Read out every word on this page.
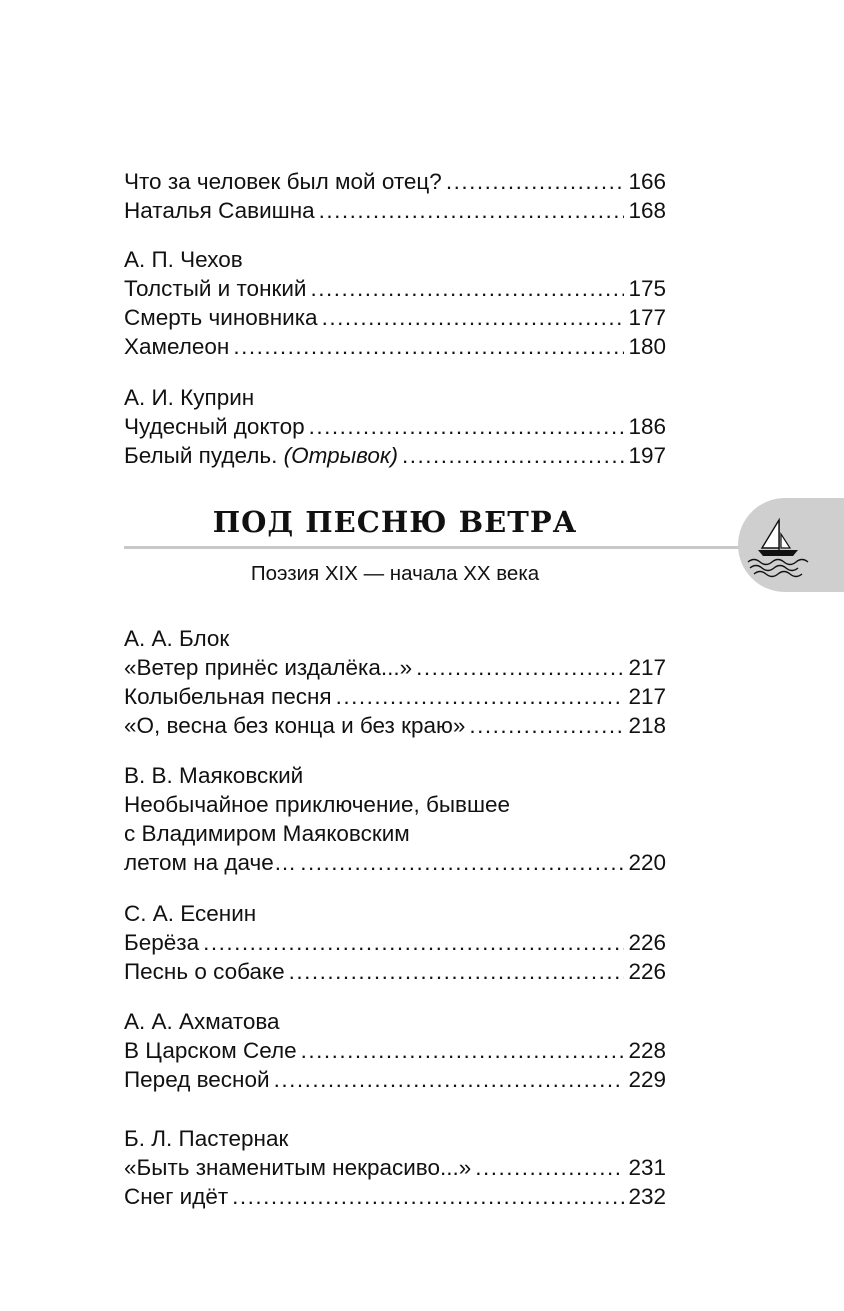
Что за человек был мой отец? .....	166
Наталья Савишна .....	168
А. П. Чехов
Толстый и тонкий .....	175
Смерть чиновника .....	177
Хамелеон .....	180
А. И. Куприн
Чудесный доктор .....	186
Белый пудель. (Отрывок) .....	197
ПОД ПЕСНЮ ВЕТРА
Поэзия XIX — начала XX века
А. А. Блок
«Ветер принёс издалёка...» .....	217
Колыбельная песня .....	217
«О, весна без конца и без краю» .....	218
В. В. Маяковский
Необычайное приключение, бывшее
с Владимиром Маяковским
летом на даче… .....	220
С. А. Есенин
Берёза .....	226
Песнь о собаке .....	226
А. А. Ахматова
В Царском Селе .....	228
Перед весной .....	229
Б. Л. Пастернак
«Быть знаменитым некрасиво...» .....	231
Снег идёт .....	232
